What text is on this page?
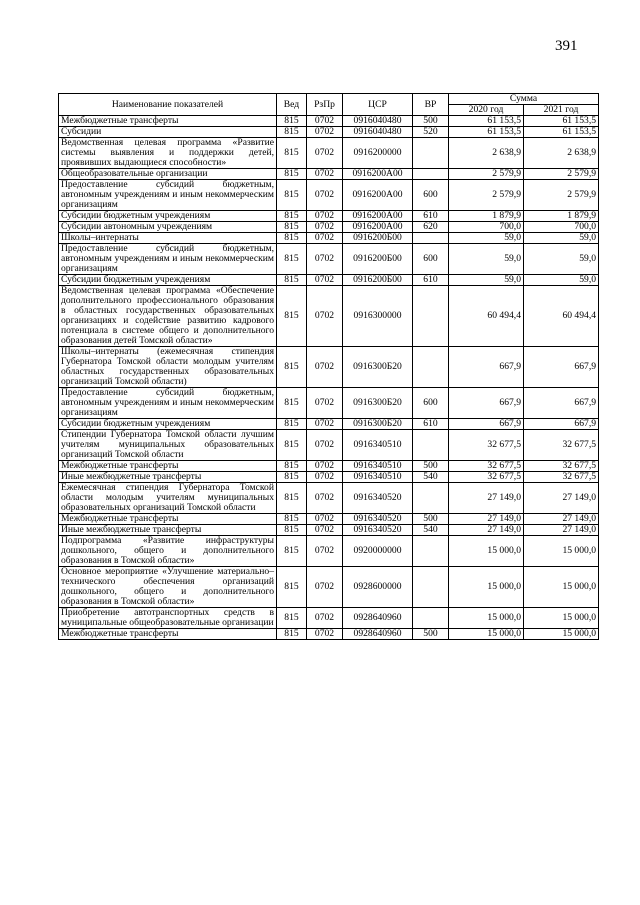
391
Наименование показателей	Вед	РзПр	ЦСР	ВР	Сумма	
					2020 год	2021 год
Межбюджетные трансферты	815	0702	0916040480	500	61 153,5	61 153,5
Субсидии	815	0702	0916040480	520	61 153,5	61 153,5
Ведомственная целевая программа «Развитие системы выявления и поддержки детей, проявивших выдающиеся способности»	815	0702	0916200000		2 638,9	2 638,9
Общеобразовательные организации	815	0702	0916200А00		2 579,9	2 579,9
Предоставление субсидий бюджетным, автономным учреждениям и иным некоммерческим организациям	815	0702	0916200А00	600	2 579,9	2 579,9
Субсидии бюджетным учреждениям	815	0702	0916200А00	610	1 879,9	1 879,9
Субсидии автономным учреждениям	815	0702	0916200А00	620	700,0	700,0
Школы–интернаты	815	0702	0916200Б00		59,0	59,0
Предоставление субсидий бюджетным, автономным учреждениям и иным некоммерческим организациям	815	0702	0916200Б00	600	59,0	59,0
Субсидии бюджетным учреждениям	815	0702	0916200Б00	610	59,0	59,0
Ведомственная целевая программа «Обеспечение дополнительного профессионального образования в областных государственных образовательных организациях и содействие развитию кадрового потенциала в системе общего и дополнительного образования детей Томской области»	815	0702	0916300000		60 494,4	60 494,4
Школы–интернаты (ежемесячная стипендия Губернатора Томской области молодым учителям областных государственных образовательных организаций Томской области)	815	0702	0916300Б20		667,9	667,9
Предоставление субсидий бюджетным, автономным учреждениям и иным некоммерческим организациям	815	0702	0916300Б20	600	667,9	667,9
Субсидии бюджетным учреждениям	815	0702	0916300Б20	610	667,9	667,9
Стипендии Губернатора Томской области лучшим учителям муниципальных образовательных организаций Томской области	815	0702	0916340510		32 677,5	32 677,5
Межбюджетные трансферты	815	0702	0916340510	500	32 677,5	32 677,5
Иные межбюджетные трансферты	815	0702	0916340510	540	32 677,5	32 677,5
Ежемесячная стипендия Губернатора Томской области молодым учителям муниципальных образовательных организаций Томской области	815	0702	0916340520		27 149,0	27 149,0
Межбюджетные трансферты	815	0702	0916340520	500	27 149,0	27 149,0
Иные межбюджетные трансферты	815	0702	0916340520	540	27 149,0	27 149,0
Подпрограмма «Развитие инфраструктуры дошкольного, общего и дополнительного образования в Томской области»	815	0702	0920000000		15 000,0	15 000,0
Основное мероприятие «Улучшение материально–технического обеспечения организаций дошкольного, общего и дополнительного образования в Томской области»	815	0702	0928600000		15 000,0	15 000,0
Приобретение автотранспортных средств в муниципальные общеобразовательные организации	815	0702	0928640960		15 000,0	15 000,0
Межбюджетные трансферты	815	0702	0928640960	500	15 000,0	15 000,0
